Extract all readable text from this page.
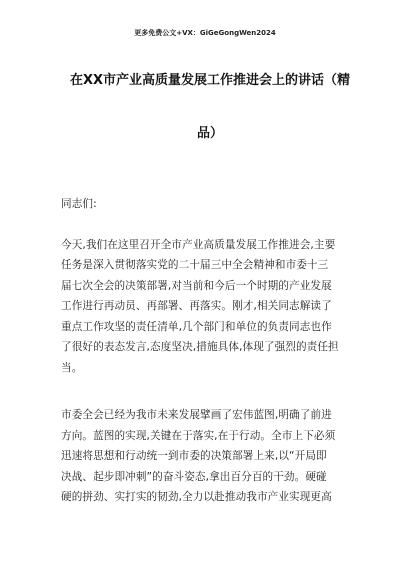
更多免费公文+VX：GiGeGongWen2024
在XX市产业高质量发展工作推进会上的讲话（精
品）
同志们:
今天,我们在这里召开全市产业高质量发展工作推进会,主要
任务是深入贯彻落实党的二十届三中全会精神和市委十三
届七次全会的决策部署,对当前和今后一个时期的产业发展
工作进行再动员、再部署、再落实。刚才,相关同志解读了
重点工作攻坚的责任清单,几个部门和单位的负责同志也作
了很好的表态发言,态度坚决,措施具体,体现了强烈的责任担
当。
市委全会已经为我市未来发展擘画了宏伟蓝图,明确了前进
方向。蓝图的实现,关键在于落实,在于行动。全市上下必须
迅速将思想和行动统一到市委的决策部署上来,以“开局即
决战、起步即冲刺”的奋斗姿态,拿出百分百的干劲。硬碰
硬的拼劲、实打实的韧劲,全力以赴推动我市产业实现更高
